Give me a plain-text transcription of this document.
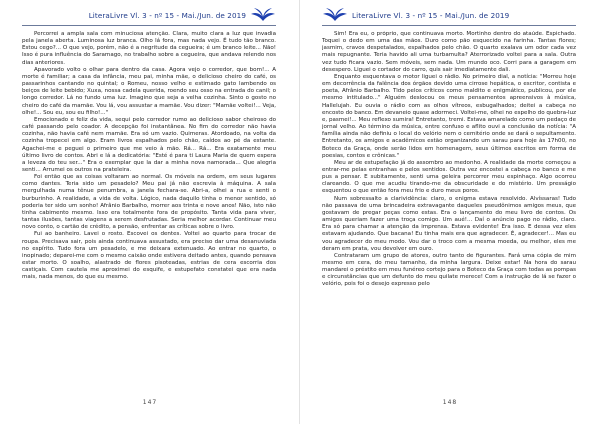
LiteraLivre Vl. 3 - nº 15 - Mai./Jun. de 2019

Percorrei a ampla sala com minuciosa atenção. Clara, muito clara a luz que invadia pela janela aberta. Luminosa luz branca. Olho lá fora, mas nada vejo. É tudo tão branco. Estou cego?... O que vejo, porém, não é a negritude da cegueira; é um branco leite... Não! Isso é pura influência do Saramago, no trabalho sobre a cegueira, que andava relendo nos dias anteriores.

Apavorado volto o olhar para dentro da casa. Agora vejo o corredor, que bom!... A morte é familiar; a casa da infância, meu pai, minha mãe, o delicioso cheiro do café, os passarinhos cantando no quintal; o Romeu, nosso velho e estimado gato lambendo os beiços de leite bebido; Xuxa, nossa cadela querida, roendo seu osso na entrada do canil; o longo corredor. Lá no fundo uma luz. Imagino que seja a velha cozinha. Sinto o gosto no cheiro do café da mamãe. Vou lá, vou assustar a mamãe. Vou dizer: "Mamãe voltei!... Veja, olhe!... Sou eu, sou eu filho!..."

Emocionado e feliz da vida, sequi pelo corredor rumo ao delicioso sabor cheiroso do café passando pelo coador. A decepção foi instantânea. No fim do corredor não havia cozinha, não havia café nem mamãe. Era só um vazio. Quimeras. Atordoado, na volta da cozinha tropecei em algo. Eram livros espalhados pelo chão, caídos ao pé da estante. Agachei-me e peguei o primeiro que me veio à mão. Rá... Rá... Era exatamente meu último livro de contos. Abri e lá a dedicatória: "Esté é para ti Laura Maria de quem espera a leveza do teu ser..." Era o exemplar que la dar a minha nova namorada... Que alegria senti... Arrumei os outros na prateleira.

Foi então que as coisas voltaram ao normal. Os móveis na ordem, em seus lugares como dantes. Teria sido um pesadelo? Meu pai já não escrevia à máquina. A sala mergulhada numa tênue penumbra, a janela fechara-se. Abri-a, olhei a rua e senti o burburinho. A realidade, a vida de volta. Lógico, nada daquilo tinha o menor sentido, só poderia ter sido um sonho! Afrânio Barbalho, morrer aos trinta e nove anos! Não, isto não tinha cabimento mesmo. Isso era totalmente fora de propósito. Tanta vida para viver, tantas ilusões, tantas viagens a serem desfrutadas. Seria melhor acordar. Continuar meu novo conto, o cartão de crédito, a pensão, enfrentar as críticas sobre o livro.

Fui ao banheiro. Lavei o rosto. Escovei os dentes. Voltei ao quarto para trocar de roupa. Precisava sair, pois ainda continuava assustado, era preciso dar uma desanuviada no espírito. Tudo fora um pesadelo, e me deixara extenuado. Ao entrar no quarto, o inopinado; deparei-me com o mesmo caixão onde estivera deitado antes, quando pensava estar morto. O soalho, alastrado de flores pisoteadas, estrias de cera escorria dos castiçais. Com cautela me aproximei do esquife, e estupefato constatei que era nada mais, nada menos, do que eu mesmo.

147
LiteraLivre Vl. 3 - nº 15 - Mai./Jun. de 2019

Sim! Era eu, o próprio, que continuava morto. Mortinho dentro do ataúde. Espichado. Toquei o dedo em uma das mãos. Duro como pão esquecido na farinha. Tantas flores; jasmim, cravos despetalados, espalhados pelo chão. O quarto exalava um odor cada vez mais repugnante. Teria havido ali uma turbamulta? Aterrorizado voltei para a sala. Outra vez tudo ficara vazio. Sem móveis, sem nada. Um mundo oco. Corri para a garagem em desespero. Liguei o cortador do carro, quis sair imediatamente dali.

Enquanto esquentava o motor liguei o rádio. No primeiro dial, a notícia: "Morreu hoje em decorrência da falência dos órgãos devido uma cirrose hepática, o escritor, contista e poeta, Afrânio Barbalho. Tido pelos críticos como maldito e enigmático, publicou, por ele mesmo intitulado..." Alguém deslocou os meus pensamentos apreensivos à música, Hallelujah. Eu ouvia o rádio com as olhos vítreos, esbugalhados; deitei a cabeça no encosto do banco. Em devaneio quase adormeci. Voltei-me, olhei no espelho do quebra-luz e, pasmei!... Meu reflexo sumira! Entretanto, tremi. Estava amarelado como um pedaço de jornal velho. Ao término da música, entre confuso e aflito ouvi a conclusão da notícia: "A família ainda não definiu o local do velório nem o cemitério onde se dará o sepultamento. Entretanto, os amigos e acadêmicos estão organizando um sarau para hoje às 17h00, no Boteco da Graça, onde serão lidos em homenagem, seus últimos escritos em forma de poesias, contos e crônicas."

Meu ar de estupefação já do assombro ao medonho. A realidade da morte começou a entrar-me pelas entranhas e pelos sentidos. Outra vez encostei a cabeça no banco e me pus a pensar. E subitamente, senti uma geleira percorrer meu espinhaço. Algo ocorreu clareando. O que me acudiu tirando-me da obscuridade e do mistério. Um presságio esquentou o que então fora meu frio e duro meus poros.

Num sobressalto a clarividência: claro, o enigma estava resolvido. Alvíssaras! Tudo não passava de uma brincadeira extravagante daqueles pseudônimos amigos meus, que gostavam de pregar peças como estas. Era o lançamento do meu livro de contos. Os amigos queriam fazer uma troça comigo. Um aué!... Daí o anúncio pago no rádio, claro. Era só para chamar a atenção da imprensa. Estava evidente! Era isso. E dessa vez eles estavam ajudando. Que bacana! Eu tinha mais era que agradecer. É, agradecer!... Mas eu vou agradecer do meu modo. Vou dar o troco com a mesma moeda, ou melhor, eles me deram em prata, vou devolver em ouro.

Contrataram um grupo de atores, outro tanto de figurantes. Fará uma cópia de mim mesmo em cera, do meu tamanho, da minha largura. Deixe estar! Na hora do sarau mandarei o préstito em meu funéreo cortejo para o Boteco da Graça com todas as pompas e circunstâncias que um defunto do meu quilate merece! Com a instrução de lá se fazer o velório, pois foi o desejo expresso pelo

148
